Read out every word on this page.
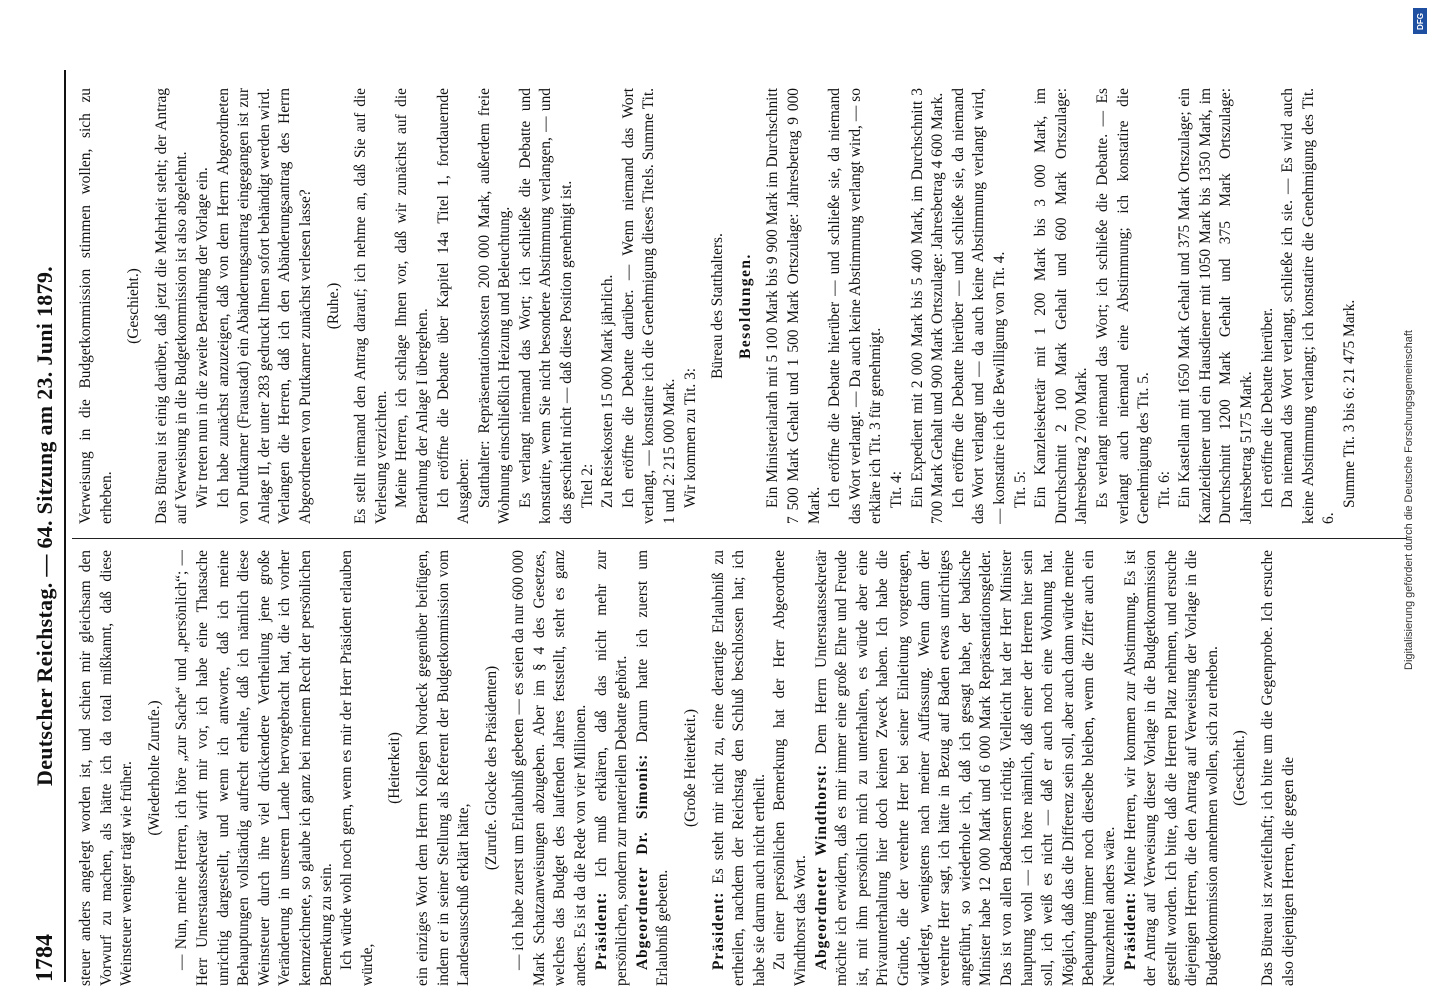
1784
Deutscher Reichstag. — 64. Sitzung am 23. Juni 1879. steuer anders angelegt worden ist, und schien mir gleichsam den Vorwurf zu machen, als hätte ich da total mißkannt, daß diese Weinsteuer weniger trägt wie früher. (Wiederholte Zurufe.) — Nun, meine Herren, ich höre „zur Sache“ und „persönlich“; — Herr Unterstaatssekretär wirft mir vor, ich habe eine Thatsache unrichtig dargestellt, und wenn ich antworte, daß ich meine Behauptungen vollständig aufrecht erhalte, daß ich nämlich diese Weinsteuer durch ihre viel drückendere Vertheilung jene große Veränderung in unserem Lande hervorgebracht hat, die ich vorher kennzeichnete, so glaube ich ganz bei meinem Recht der persönlichen Bemerkung zu sein. Ich würde wohl noch gern, wenn es mir der Herr Präsident erlauben würde,

(Heiterkeit) ein einziges Wort dem Herrn Kollegen Nordeck gegenüber beifügen, indem er in seiner Stellung als Referent der Budgetkommission vom Landesausschuß erklärt hätte,

(Zurufe. Glocke des Präsidenten) — ich habe zuerst um Erlaubniß gebeten — es seien da nur 600 000 Mark Schatzanweisungen abzugeben. Aber im § 4 des Gesetzes, welches das Budget des laufenden Jahres feststellt, steht es ganz anders. Es ist da die Rede von vier Millionen. Präsident: Ich muß erklären, daß das nicht mehr zur persönlichen, sondern zur materiellen Debatte gehört. Abgeordneter Dr. Simonis: Darum hatte ich zuerst um Erlaubniß gebeten.

(Große Heiterkeit.)

Präsident: Es steht mir nicht zu, eine derartige Erlaubniß zu ertheilen, nachdem der Reichstag den Schluß beschlossen hat; ich habe sie darum auch nicht ertheilt. Zu einer persönlichen Bemerkung hat der Herr Abgeordnete Windthorst das Wort. Abgeordneter Windthorst: Dem Herrn Unterstaatssekretär möchte ich erwidern, daß es mir immer eine große Ehre und Freude ist, mit ihm persönlich mich zu unterhalten, es würde aber eine Privatunterhaltung hier doch keinen Zweck haben. Ich habe die Gründe, die der verehrte Herr bei seiner Einleitung vorgetragen, widerlegt, wenigstens nach meiner Auffassung. Wenn dann der verehrte Herr sagt, ich hätte in Bezug auf Baden etwas unrichtiges angeführt, so wiederhole ich, daß ich gesagt habe, der badische Minister habe 12 000 Mark und 6 000 Mark Repräsentationsgelder. Das ist von allen Badensern richtig. Vielleicht hat der Herr Minister hauptung wohl — ich höre nämlich, daß einer der Herren hier sein soll, ich weiß es nicht — daß er auch noch eine Wohnung hat. Möglich, daß das die Differenz sein soll, aber auch dann würde meine Behauptung immer noch dieselbe bleiben, wenn die Ziffer auch ein Neunzehntel anders wäre. Präsident: Meine Herren, wir kommen zur Abstimmung. Es ist der Antrag auf Verweisung dieser Vorlage in die Budgetkommission gestellt worden. Ich bitte, daß die Herren Platz nehmen, und ersuche diejenigen Herren, die den Antrag auf Verweisung der Vorlage in die Budgetkommission annehmen wollen, sich zu erheben. (Geschieht.) Das Büreau ist zweifelhaft; ich bitte um die Gegenprobe. Ich ersuche also diejenigen Herren, die gegen die

Verweisung in die Budgetkommission stimmen wollen, sich zu erheben.

(Geschieht.) Das Büreau ist einig darüber, daß jetzt die Mehrheit steht; der Antrag auf Verweisung in die Budgetkommission ist also abgelehnt. Wir treten nun in die zweite Berathung der Vorlage ein. Ich habe zunächst anzuzeigen, daß von dem Herrn Abgeordneten von Puttkamer (Fraustadt) ein Abänderungsantrag eingegangen ist zur Anlage II, der unter 283 gedruckt Ihnen sofort behändigt werden wird. Verlangen die Herren, daß ich den Abänderungsantrag des Herrn Abgeordneten von Puttkamer zunächst verlesen lasse? (Ruhe.) Es stellt niemand den Antrag darauf; ich nehme an, daß Sie auf die Verlesung verzichten. Meine Herren, ich schlage Ihnen vor, daß wir zunächst auf die Berathung der Anlage I übergehen. Ich eröffne die Debatte über Kapitel 14a Titel 1, fortdauernde Ausgaben: Statthalter: Repräsentationskosten 200 000 Mark, außerdem freie Wohnung einschließlich Heizung und Beleuchtung. Es verlangt niemand das Wort; ich schließe die Debatte und konstatire, wenn Sie nicht besondere Abstimmung verlangen, — und das geschieht nicht — daß diese Position genehmigt ist. Titel 2: Zu Reisekosten 15 000 Mark jährlich. Ich eröffne die Debatte darüber. — Wenn niemand das Wort verlangt, — konstatire ich die Genehmigung dieses Titels. Summe Tit. 1 und 2: 215 000 Mark. Wir kommen zu Tit. 3:

Büreau des Statthalters. Besoldungen. Ein Ministerialrath mit 5 100 Mark bis 9 900 Mark im Durchschnitt 7 500 Mark Gehalt und 1 500 Mark Ortszulage: Jahresbetrag 9 000 Mark. Ich eröffne die Debatte hierüber — und schließe sie, da niemand das Wort verlangt. — Da auch keine Abstimmung verlangt wird, — so erkläre ich Tit. 3 für genehmigt. Tit. 4: Ein Expedient mit 2 000 Mark bis 5 400 Mark, im Durchschnitt 3 700 Mark Gehalt und 900 Mark Ortszulage: Jahresbetrag 4 600 Mark. Ich eröffne die Debatte hierüber — und schließe sie, da niemand das Wort verlangt und — da auch keine Abstimmung verlangt wird, — konstatire ich die Bewilligung von Tit. 4. Tit. 5: Ein Kanzleisekretär mit 1 200 Mark bis 3 000 Mark, im Durchschnitt 2 100 Mark Gehalt und 600 Mark Ortszulage: Jahresbetrag 2 700 Mark. Es verlangt niemand das Wort; ich schließe die Debatte. — Es verlangt auch niemand eine Abstimmung; ich konstatire die Genehmigung des Tit. 5. Tit. 6: Ein Kastellan mit 1650 Mark Gehalt und 375 Mark Ortszulage; ein Kanzleidiener und ein Hausdiener mit 1050 Mark bis 1350 Mark, im Durchschnitt 1200 Mark Gehalt und 375 Mark Ortszulage: Jahresbetrag 5175 Mark. Ich eröffne die Debatte hierüber. Da niemand das Wort verlangt, schließe ich sie. — Es wird auch keine Abstimmung verlangt; ich konstatire die Genehmigung des Tit. 6.

Summe Tit. 3 bis 6: 21 475 Mark.

DFG
Digitalisierung gefördert durch die Deutsche Forschungsgemeinschaft
